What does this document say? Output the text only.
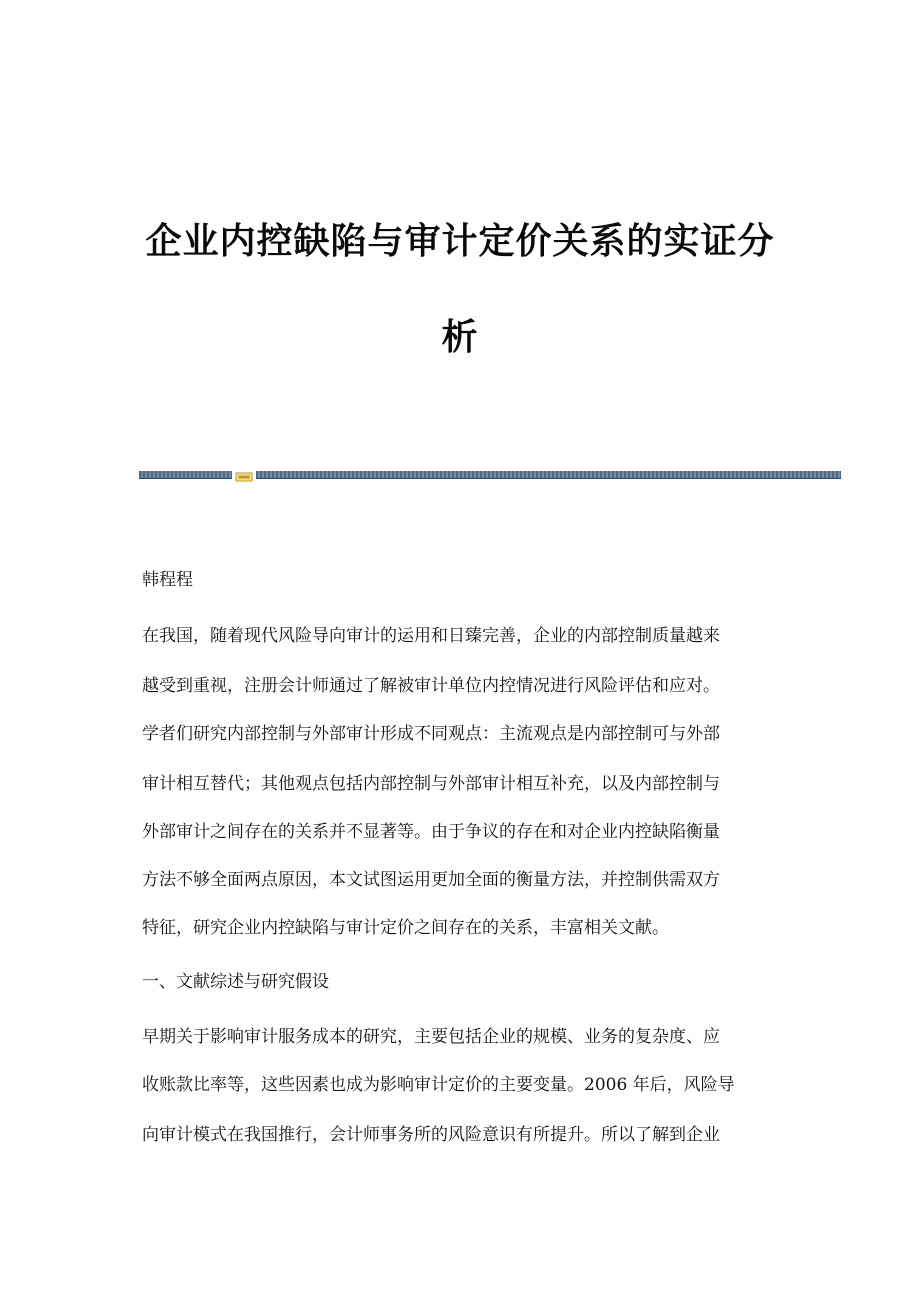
企业内控缺陷与审计定价关系的实证分
析
韩程程
在我国，随着现代风险导向审计的运用和日臻完善，企业的内部控制质量越来
越受到重视，注册会计师通过了解被审计单位内控情况进行风险评估和应对。
学者们研究内部控制与外部审计形成不同观点：主流观点是内部控制可与外部
审计相互替代；其他观点包括内部控制与外部审计相互补充，以及内部控制与
外部审计之间存在的关系并不显著等。由于争议的存在和对企业内控缺陷衡量
方法不够全面两点原因，本文试图运用更加全面的衡量方法，并控制供需双方
特征，研究企业内控缺陷与审计定价之间存在的关系，丰富相关文献。
一、文献综述与研究假设
早期关于影响审计服务成本的研究，主要包括企业的规模、业务的复杂度、应
收账款比率等，这些因素也成为影响审计定价的主要变量。2006 年后，风险导
向审计模式在我国推行，会计师事务所的风险意识有所提升。所以了解到企业
